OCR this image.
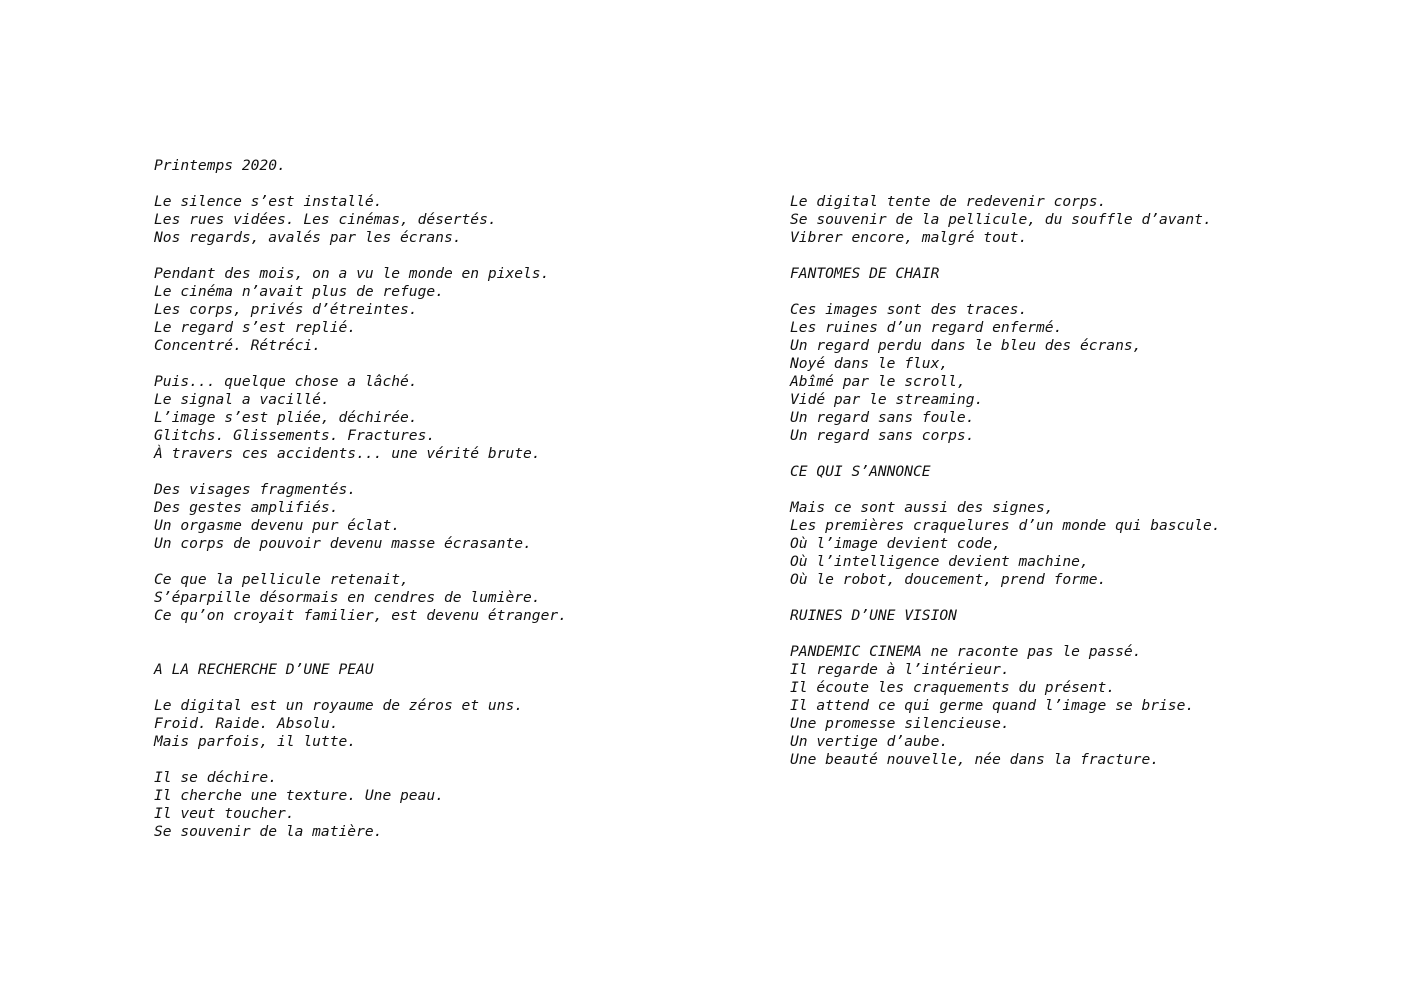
Printemps 2020.
Le silence s’est installé.
Les rues vidées. Les cinémas, désertés.
Nos regards, avalés par les écrans.
Pendant des mois, on a vu le monde en pixels.
Le cinéma n’avait plus de refuge.
Les corps, privés d’étreintes.
Le regard s’est replié.
Concentré. Rétréci.
Puis... quelque chose a lâché.
Le signal a vacillé.
L’image s’est pliée, déchirée.
Glitchs. Glissements. Fractures.
À travers ces accidents... une vérité brute.
Des visages fragmentés.
Des gestes amplifiés.
Un orgasme devenu pur éclat.
Un corps de pouvoir devenu masse écrasante.
Ce que la pellicule retenait,
S’éparpille désormais en cendres de lumière.
Ce qu’on croyait familier, est devenu étranger.
A LA RECHERCHE D’UNE PEAU
Le digital est un royaume de zéros et uns.
Froid. Raide. Absolu.
Mais parfois, il lutte.
Il se déchire.
Il cherche une texture. Une peau.
Il veut toucher.
Se souvenir de la matière.
Le digital tente de redevenir corps.
Se souvenir de la pellicule, du souffle d’avant.
Vibrer encore, malgré tout.
FANTOMES DE CHAIR
Ces images sont des traces.
Les ruines d’un regard enfermé.
Un regard perdu dans le bleu des écrans,
Noyé dans le flux,
Abîmé par le scroll,
Vidé par le streaming.
Un regard sans foule.
Un regard sans corps.
CE QUI S’ANNONCE
Mais ce sont aussi des signes,
Les premières craquelures d’un monde qui bascule.
Où l’image devient code,
Où l’intelligence devient machine,
Où le robot, doucement, prend forme.
RUINES D’UNE VISION
PANDEMIC CINEMA ne raconte pas le passé.
Il regarde à l’intérieur.
Il écoute les craquements du présent.
Il attend ce qui germe quand l’image se brise.
Une promesse silencieuse.
Un vertige d’aube.
Une beauté nouvelle, née dans la fracture.
